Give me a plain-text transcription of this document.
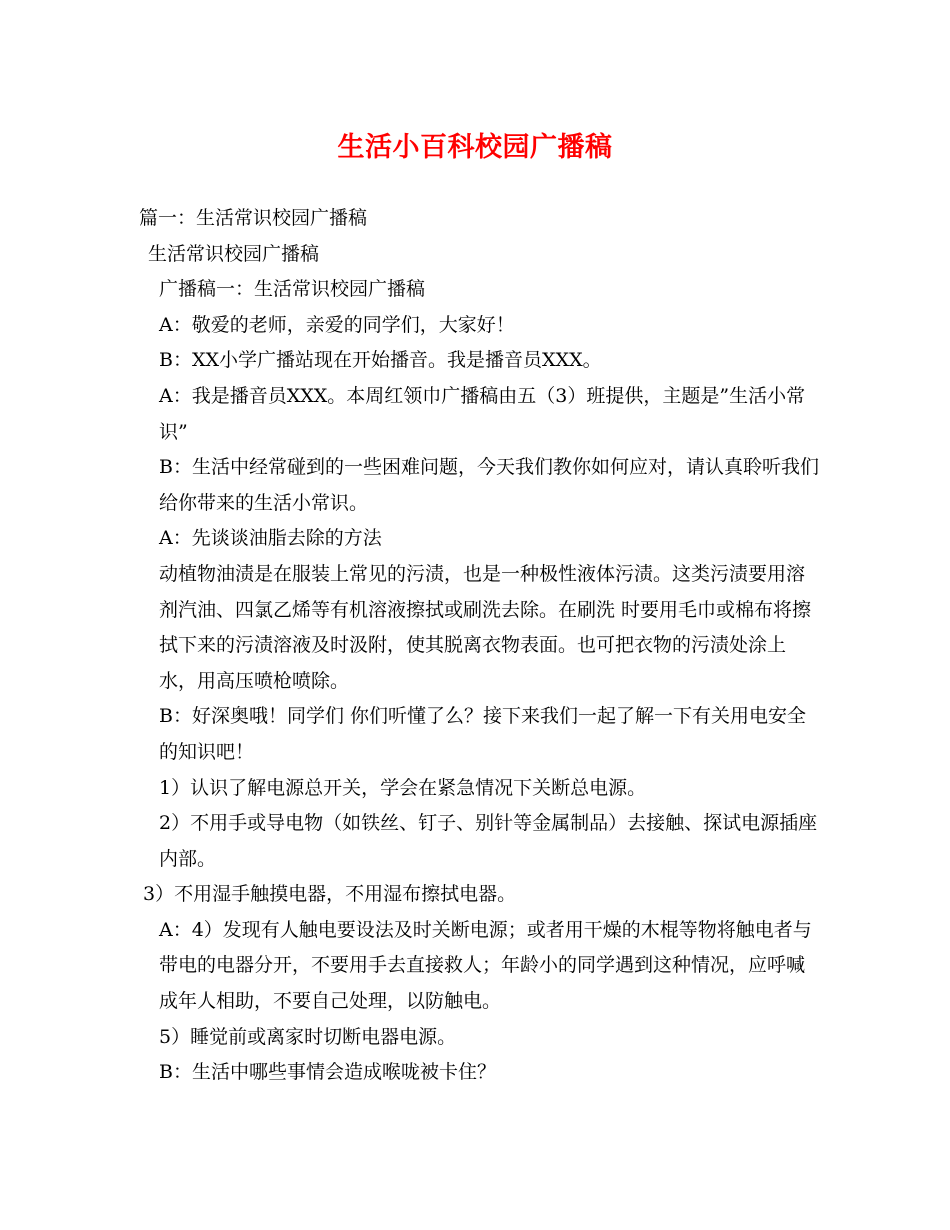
生活小百科校园广播稿

篇一：生活常识校园广播稿

生活常识校园广播稿

广播稿一：生活常识校园广播稿

A：敬爱的老师，亲爱的同学们，大家好！

B：XX小学广播站现在开始播音。我是播音员XXX。

A：我是播音员XXX。本周红领巾广播稿由五（3）班提供，主题是”生活小常识”

B：生活中经常碰到的一些困难问题，今天我们教你如何应对，请认真聆听我们给你带来的生活小常识。

A：先谈谈油脂去除的方法

动植物油渍是在服装上常见的污渍，也是一种极性液体污渍。这类污渍要用溶剂汽油、四氯乙烯等有机溶液擦拭或刷洗去除。在刷洗 时要用毛巾或棉布将擦拭下来的污渍溶液及时汲附，使其脱离衣物表面。也可把衣物的污渍处涂上水，用高压喷枪喷除。

B：好深奥哦！同学们 你们听懂了么？接下来我们一起了解一下有关用电安全的知识吧！

1）认识了解电源总开关，学会在紧急情况下关断总电源。

2）不用手或导电物（如铁丝、钉子、别针等金属制品）去接触、探试电源插座内部。

3）不用湿手触摸电器，不用湿布擦拭电器。

A：4）发现有人触电要设法及时关断电源；或者用干燥的木棍等物将触电者与带电的电器分开，不要用手去直接救人；年龄小的同学遇到这种情况，应呼喊成年人相助，不要自己处理，以防触电。

5）睡觉前或离家时切断电器电源。

B：生活中哪些事情会造成喉咙被卡住？
